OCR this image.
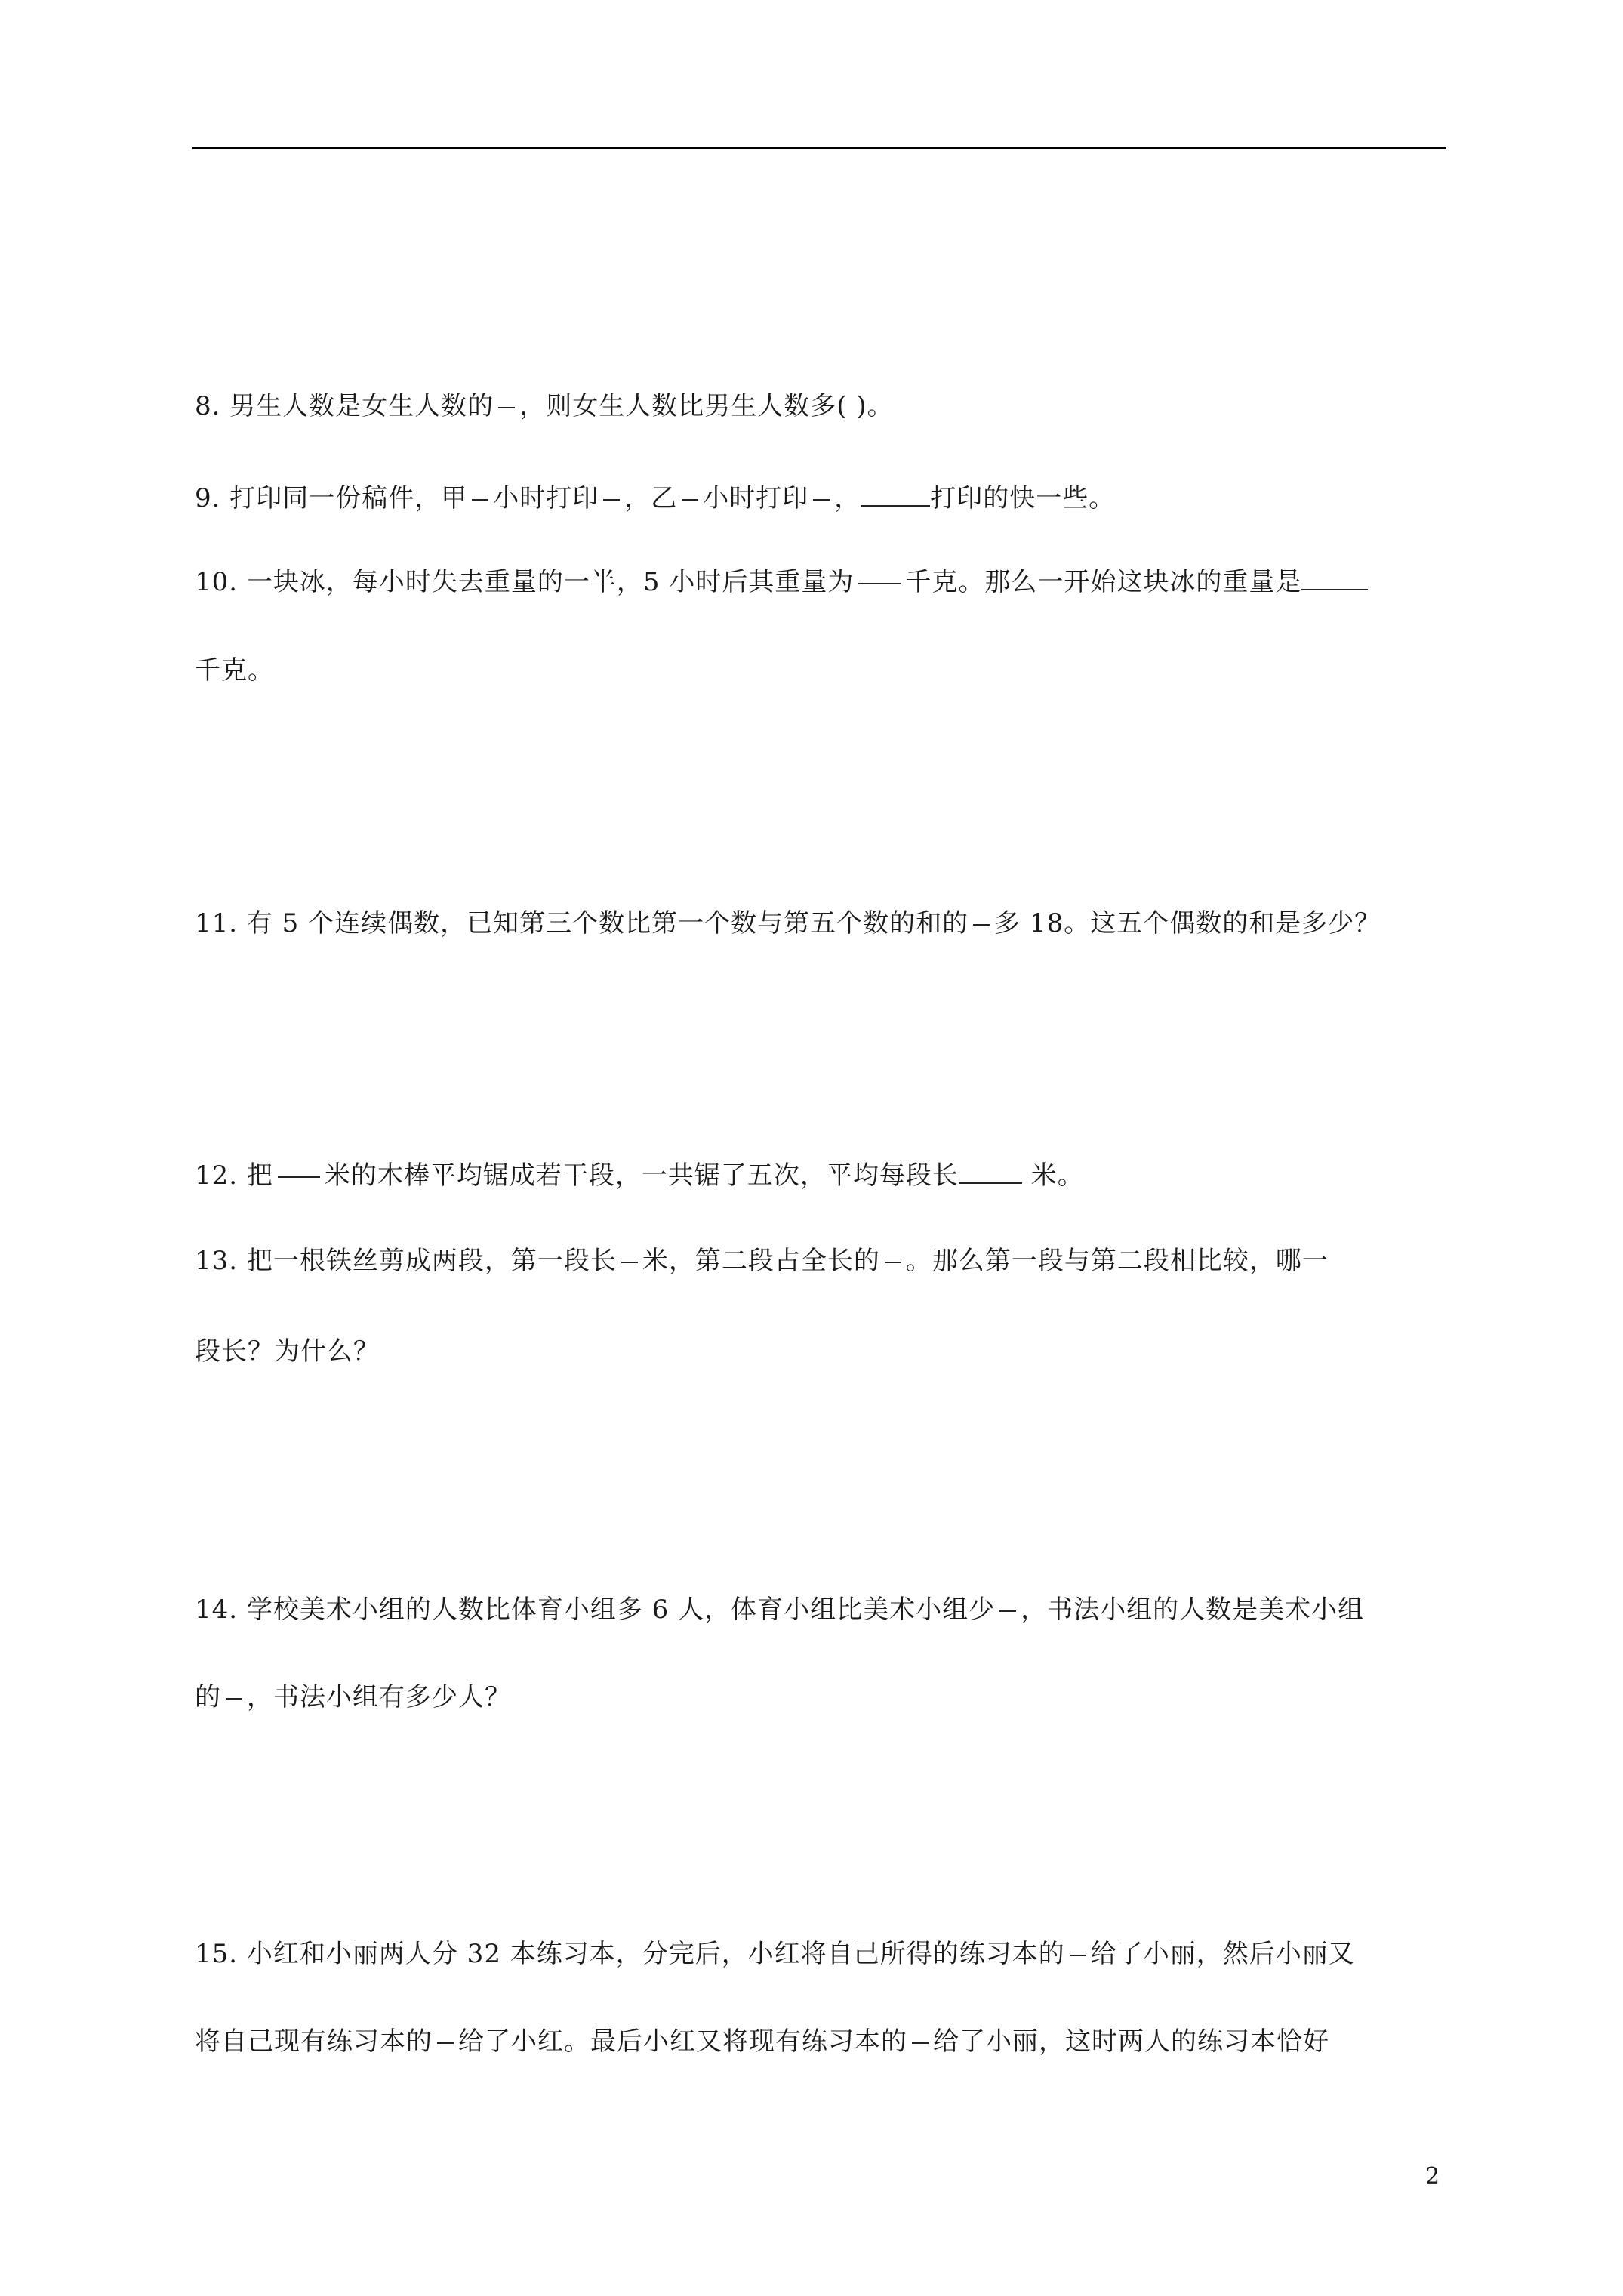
8. 男生人数是女生人数的 ，则女生人数比男生人数多( )。
9. 打印同一份稿件，甲 小时打印 ，乙 小时打印 ，	打印的快一些。
10. 一块冰，每小时失去重量的一半，5 小时后其重量为 千克。那么一开始这块冰的重量是
千克。
11. 有 5 个连续偶数，已知第三个数比第一个数与第五个数的和的 多 18。这五个偶数的和是多少？
12. 把 米的木棒平均锯成若干段，一共锯了五次，平均每段长 米。
13. 把一根铁丝剪成两段，第一段长 米，第二段占全长的 。那么第一段与第二段相比较，哪一
段长？为什么？
14. 学校美术小组的人数比体育小组多 6 人，体育小组比美术小组少 ，书法小组的人数是美术小组
的 ，书法小组有多少人？
15. 小红和小丽两人分 32 本练习本，分完后，小红将自己所得的练习本的 给了小丽，然后小丽又
将自己现有练习本的 给了小红。最后小红又将现有练习本的 给了小丽，这时两人的练习本恰好
2
